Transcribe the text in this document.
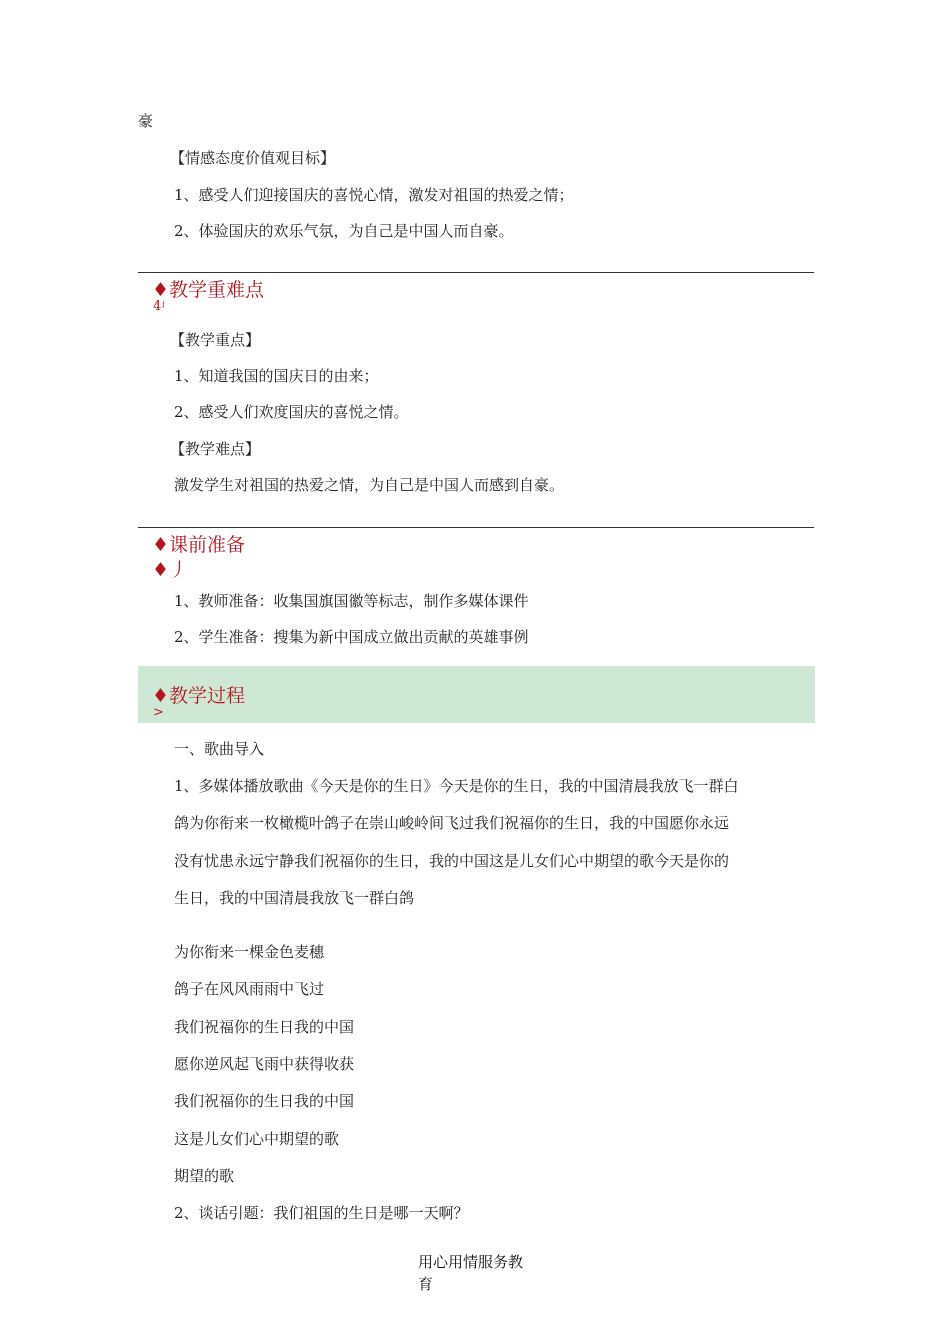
豪
【情感态度价值观目标】
1、感受人们迎接国庆的喜悦心情，激发对祖国的热爱之情；
2、体验国庆的欢乐气氛，为自己是中国人而自豪。
♦教学重难点
4ʲ
【教学重点】
1、知道我国的国庆日的由来；
2、感受人们欢度国庆的喜悦之情。
【教学难点】
激发学生对祖国的热爱之情，为自己是中国人而感到自豪。
♦课前准备
♦丿
1、教师准备：收集国旗国徽等标志，制作多媒体课件
2、学生准备：搜集为新中国成立做出贡献的英雄事例
♦教学过程
>
一、歌曲导入
1、多媒体播放歌曲《今天是你的生日》今天是你的生日，我的中国清晨我放飞一群白
鸽为你衔来一枚橄榄叶鸽子在崇山峻岭间飞过我们祝福你的生日，我的中国愿你永远
没有忧患永远宁静我们祝福你的生日，我的中国这是儿女们心中期望的歌今天是你的
生日，我的中国清晨我放飞一群白鸽
为你衔来一棵金色麦穗
鸽子在风风雨雨中飞过
我们祝福你的生日我的中国
愿你逆风起飞雨中获得收获
我们祝福你的生日我的中国
这是儿女们心中期望的歌
期望的歌
2、谈话引题：我们祖国的生日是哪一天啊？
用心用情服务教
育
